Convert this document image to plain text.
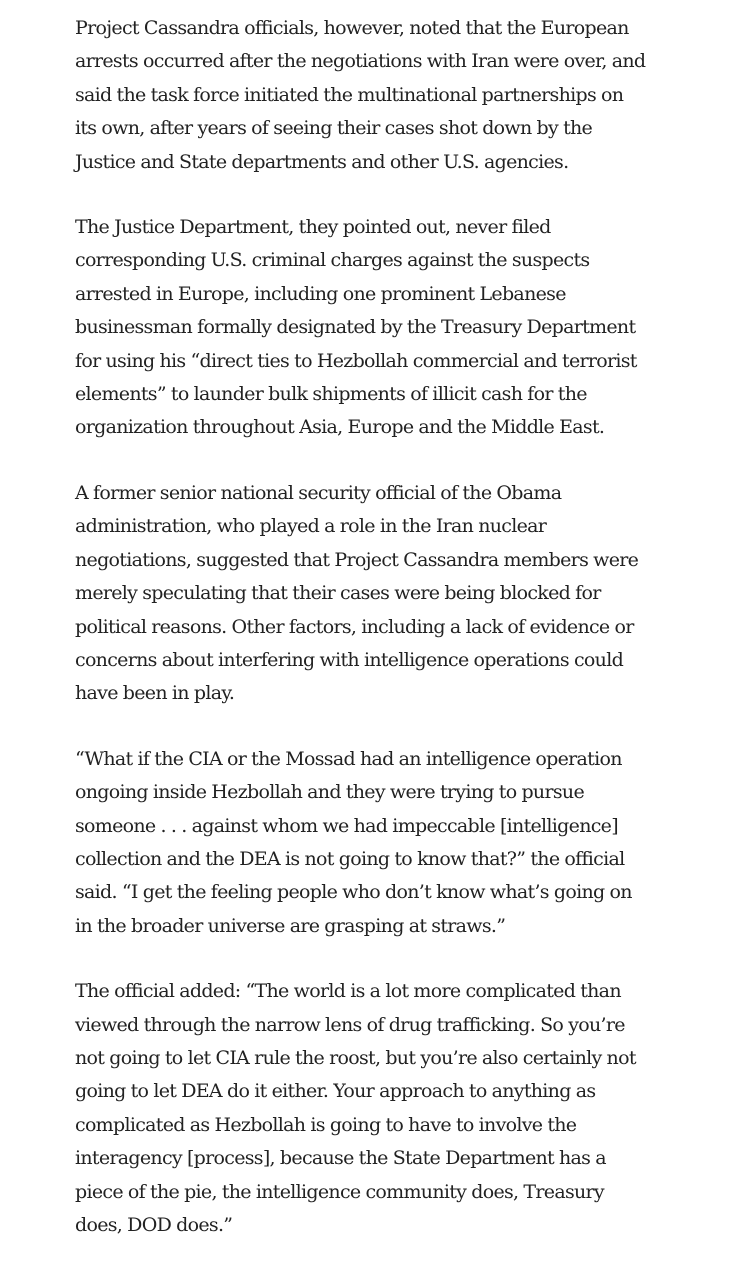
Project Cassandra officials, however, noted that the European
arrests occurred after the negotiations with Iran were over, and
said the task force initiated the multinational partnerships on
its own, after years of seeing their cases shot down by the
Justice and State departments and other U.S. agencies.

The Justice Department, they pointed out, never filed
corresponding U.S. criminal charges against the suspects
arrested in Europe, including one prominent Lebanese
businessman formally designated by the Treasury Department
for using his “direct ties to Hezbollah commercial and terrorist
elements” to launder bulk shipments of illicit cash for the
organization throughout Asia, Europe and the Middle East.

A former senior national security official of the Obama
administration, who played a role in the Iran nuclear
negotiations, suggested that Project Cassandra members were
merely speculating that their cases were being blocked for
political reasons. Other factors, including a lack of evidence or
concerns about interfering with intelligence operations could
have been in play.

“What if the CIA or the Mossad had an intelligence operation
ongoing inside Hezbollah and they were trying to pursue
someone . . . against whom we had impeccable [intelligence]
collection and the DEA is not going to know that?” the official
said. “I get the feeling people who don’t know what’s going on
in the broader universe are grasping at straws.”

The official added: “The world is a lot more complicated than
viewed through the narrow lens of drug trafficking. So you’re
not going to let CIA rule the roost, but you’re also certainly not
going to let DEA do it either. Your approach to anything as
complicated as Hezbollah is going to have to involve the
interagency [process], because the State Department has a
piece of the pie, the intelligence community does, Treasury
does, DOD does.”
